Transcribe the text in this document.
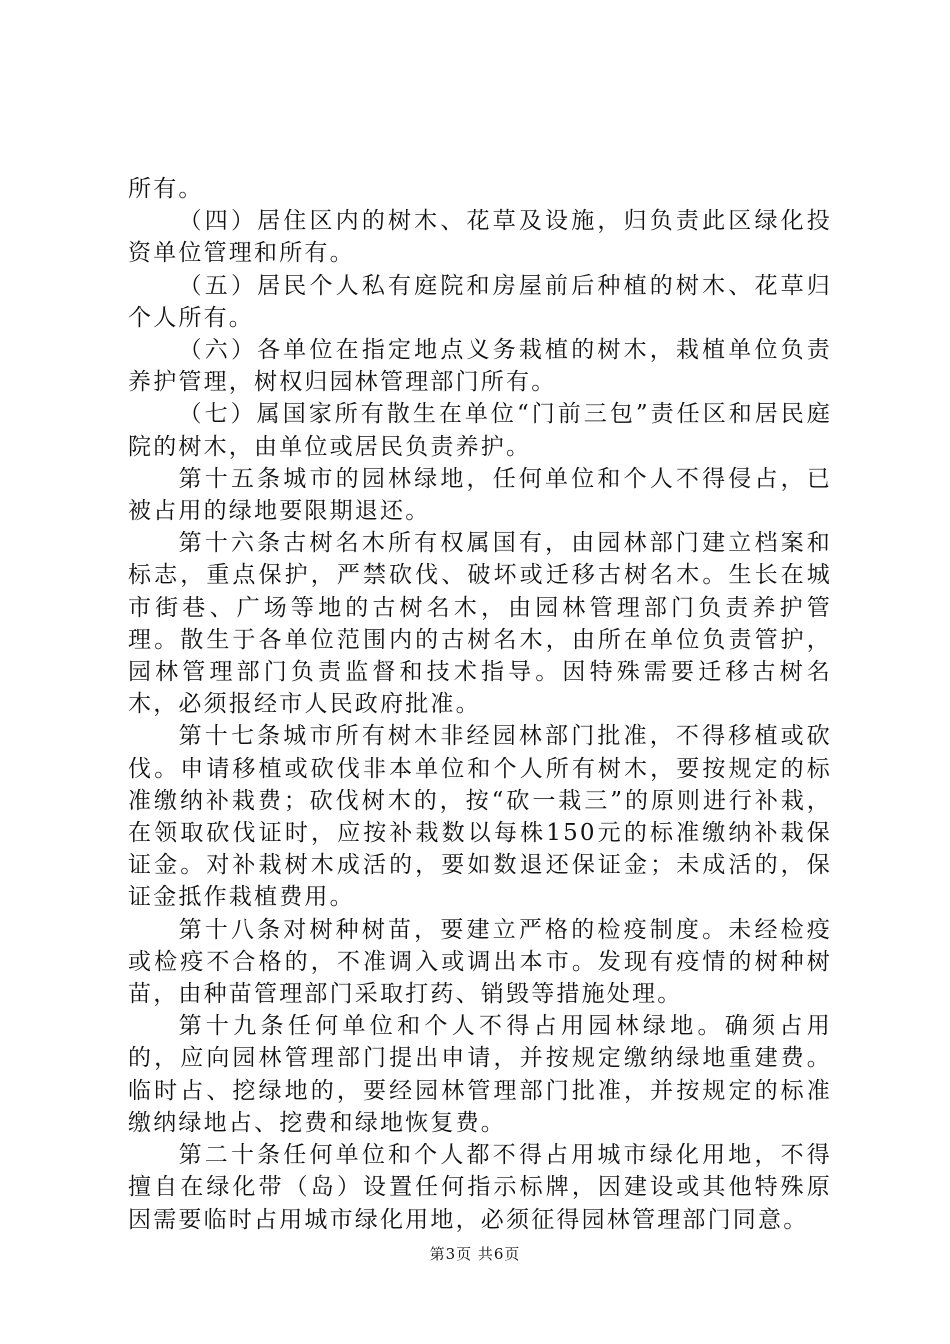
所有。

（四）居住区内的树木、花草及设施，归负责此区绿化投资单位管理和所有。

（五）居民个人私有庭院和房屋前后种植的树木、花草归个人所有。

（六）各单位在指定地点义务栽植的树木，栽植单位负责养护管理，树权归园林管理部门所有。

（七）属国家所有散生在单位“门前三包”责任区和居民庭院的树木，由单位或居民负责养护。

第十五条城市的园林绿地，任何单位和个人不得侵占，已被占用的绿地要限期退还。

第十六条古树名木所有权属国有，由园林部门建立档案和标志，重点保护，严禁砍伐、破坏或迁移古树名木。生长在城市街巷、广场等地的古树名木，由园林管理部门负责养护管理。散生于各单位范围内的古树名木，由所在单位负责管护，园林管理部门负责监督和技术指导。因特殊需要迁移古树名木，必须报经市人民政府批准。

第十七条城市所有树木非经园林部门批准，不得移植或砍伐。申请移植或砍伐非本单位和个人所有树木，要按规定的标准缴纳补栽费；砍伐树木的，按“砍一栽三”的原则进行补栽，在领取砍伐证时，应按补栽数以每株150元的标准缴纳补栽保证金。对补栽树木成活的，要如数退还保证金；未成活的，保证金抵作栽植费用。

第十八条对树种树苗，要建立严格的检疫制度。未经检疫或检疫不合格的，不准调入或调出本市。发现有疫情的树种树苗，由种苗管理部门采取打药、销毁等措施处理。

第十九条任何单位和个人不得占用园林绿地。确须占用的，应向园林管理部门提出申请，并按规定缴纳绿地重建费。临时占、挖绿地的，要经园林管理部门批准，并按规定的标准缴纳绿地占、挖费和绿地恢复费。

第二十条任何单位和个人都不得占用城市绿化用地，不得擅自在绿化带（岛）设置任何指示标牌，因建设或其他特殊原因需要临时占用城市绿化用地，必须征得园林管理部门同意。

第3页 共6页
